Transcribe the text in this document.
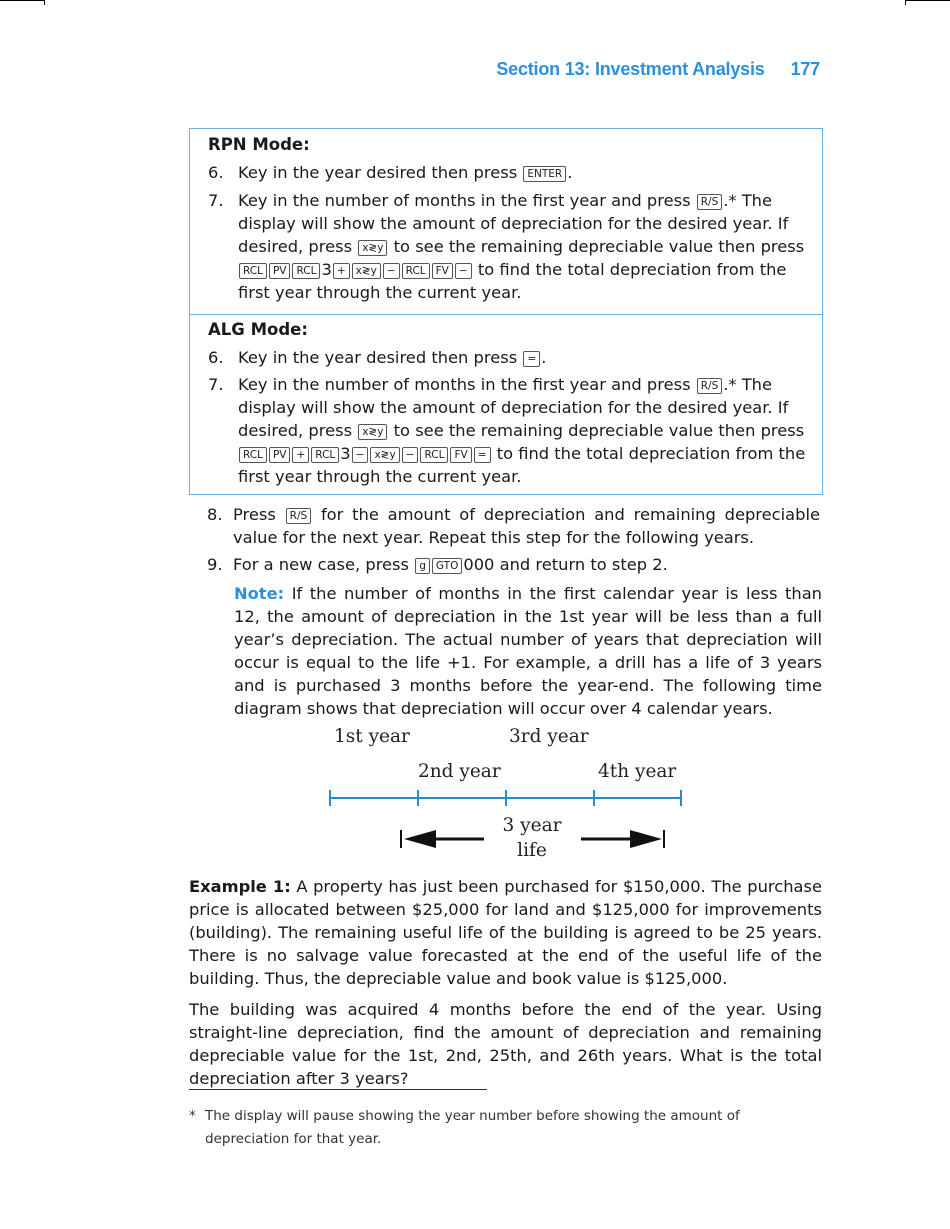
Section 13: Investment Analysis 177
RPN Mode:
6. Key in the year desired then press ENTER .
7. Key in the number of months in the first year and press R/S .* The display will show the amount of depreciation for the desired year. If desired, press x≷y to see the remaining depreciable value then press
RCL PV RCL 3 + x≷y − RCL FV − to find the total depreciation from the first year through the current year.
ALG Mode:
6. Key in the year desired then press = .
7. Key in the number of months in the first year and press R/S .* The display will show the amount of depreciation for the desired year. If desired, press x≷y to see the remaining depreciable value then press
RCL PV + RCL 3 − x≷y − RCL FV = to find the total depreciation from the first year through the current year.
8. Press R/S for the amount of depreciation and remaining depreciable value for the next year. Repeat this step for the following years.
9. For a new case, press g GTO 000 and return to step 2.
Note: If the number of months in the first calendar year is less than 12, the amount of depreciation in the 1st year will be less than a full year’s depreciation. The actual number of years that depreciation will occur is equal to the life +1. For example, a drill has a life of 3 years and is purchased 3 months before the year-end. The following time diagram shows that depreciation will occur over 4 calendar years.
1st year	3rd year
2nd year	4th year
3 year
life
Example 1: A property has just been purchased for $150,000. The purchase price is allocated between $25,000 for land and $125,000 for improvements (building). The remaining useful life of the building is agreed to be 25 years. There is no salvage value forecasted at the end of the useful life of the building. Thus, the depreciable value and book value is $125,000.
The building was acquired 4 months before the end of the year. Using straight-line depreciation, find the amount of depreciation and remaining depreciable value for the 1st, 2nd, 25th, and 26th years. What is the total depreciation after 3 years?
* The display will pause showing the year number before showing the amount of depreciation for that year.
